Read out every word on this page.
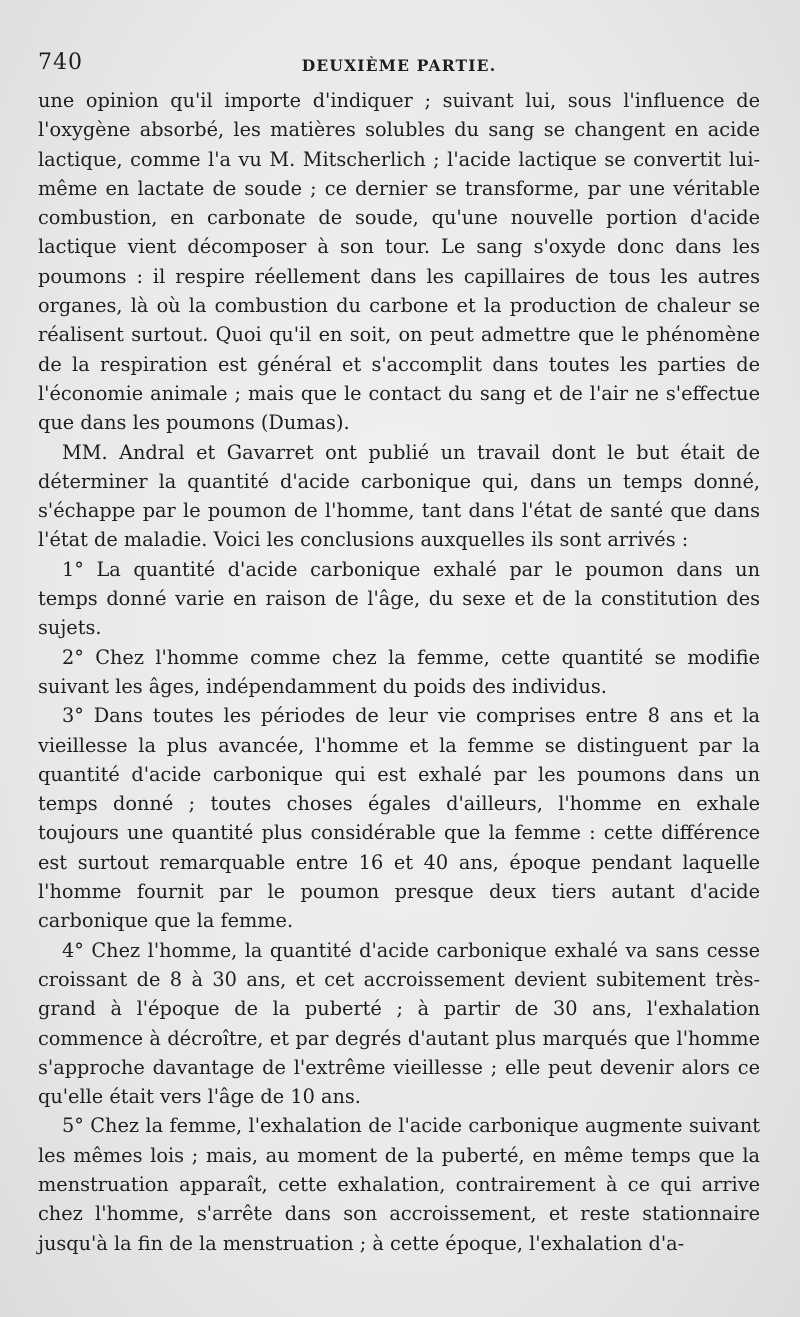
740	DEUXIÈME PARTIE.

une opinion qu'il importe d'indiquer ; suivant lui, sous l'influence de l'oxygène absorbé, les matières solubles du sang se changent en acide lactique, comme l'a vu M. Mitscherlich ; l'acide lactique se convertit lui-même en lactate de soude ; ce dernier se transforme, par une véritable combustion, en carbonate de soude, qu'une nouvelle portion d'acide lactique vient décomposer à son tour. Le sang s'oxyde donc dans les poumons : il respire réellement dans les capillaires de tous les autres organes, là où la combustion du carbone et la production de chaleur se réalisent surtout. Quoi qu'il en soit, on peut admettre que le phénomène de la respiration est général et s'accomplit dans toutes les parties de l'économie animale ; mais que le contact du sang et de l'air ne s'effectue que dans les poumons (Dumas).

MM. Andral et Gavarret ont publié un travail dont le but était de déterminer la quantité d'acide carbonique qui, dans un temps donné, s'échappe par le poumon de l'homme, tant dans l'état de santé que dans l'état de maladie. Voici les conclusions auxquelles ils sont arrivés :

1° La quantité d'acide carbonique exhalé par le poumon dans un temps donné varie en raison de l'âge, du sexe et de la constitution des sujets.

2° Chez l'homme comme chez la femme, cette quantité se modifie suivant les âges, indépendamment du poids des individus.

3° Dans toutes les périodes de leur vie comprises entre 8 ans et la vieillesse la plus avancée, l'homme et la femme se distinguent par la quantité d'acide carbonique qui est exhalé par les poumons dans un temps donné ; toutes choses égales d'ailleurs, l'homme en exhale toujours une quantité plus considérable que la femme : cette différence est surtout remarquable entre 16 et 40 ans, époque pendant laquelle l'homme fournit par le poumon presque deux tiers autant d'acide carbonique que la femme.

4° Chez l'homme, la quantité d'acide carbonique exhalé va sans cesse croissant de 8 à 30 ans, et cet accroissement devient subitement très-grand à l'époque de la puberté ; à partir de 30 ans, l'exhalation commence à décroître, et par degrés d'autant plus marqués que l'homme s'approche davantage de l'extrême vieillesse ; elle peut devenir alors ce qu'elle était vers l'âge de 10 ans.

5° Chez la femme, l'exhalation de l'acide carbonique augmente suivant les mêmes lois ; mais, au moment de la puberté, en même temps que la menstruation apparaît, cette exhalation, contrairement à ce qui arrive chez l'homme, s'arrête dans son accroissement, et reste stationnaire jusqu'à la fin de la menstruation ; à cette époque, l'exhalation d'a-
